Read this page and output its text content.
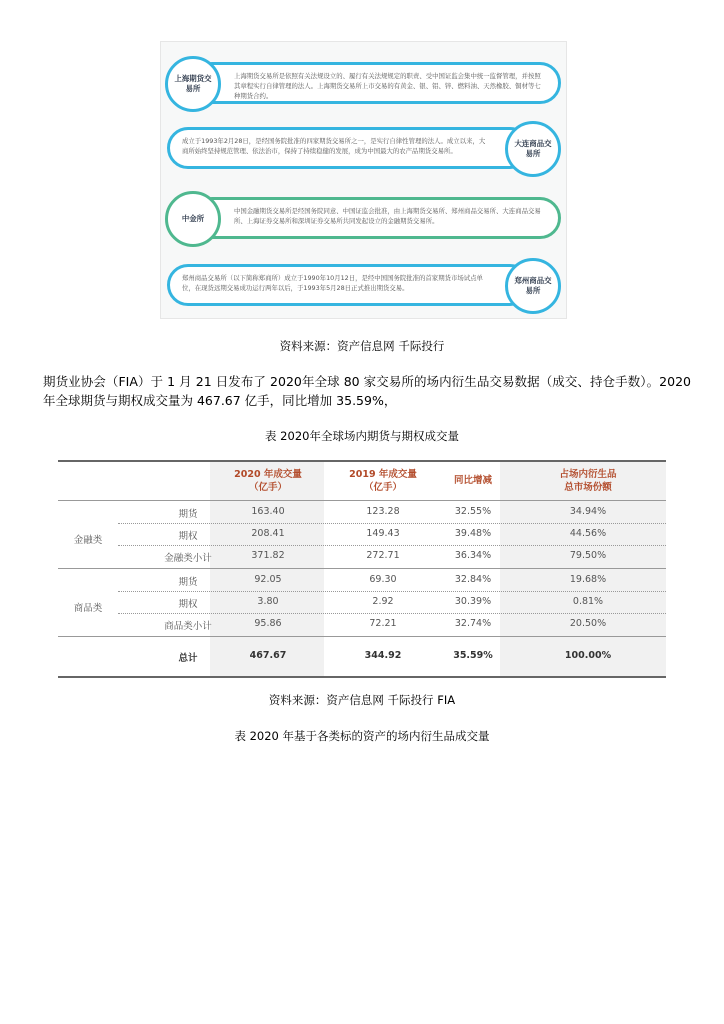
上海期货交易所是依照有关法规设立的、履行有关法规规定的职责、受中国证监会集中统一监督管理，并按照其章程实行自律管理的法人。上海期货交易所上市交易的有黄金、银、铝、锌、燃料油、天然橡胶、铜材等七种期货合约。
上海期货交易所
成立于1993年2月28日，是经国务院批准的四家期货交易所之一，是实行自律性管理的法人。成立以来，大商所始终坚持规范管理、依法治市，保持了持续稳健的发展，成为中国最大的农产品期货交易所。
大连商品交易所
中国金融期货交易所是经国务院同意、中国证监会批准，由上海期货交易所、郑州商品交易所、大连商品交易所、上海证券交易所和深圳证券交易所共同发起设立的金融期货交易所。
中金所
郑州商品交易所（以下简称郑商所）成立于1990年10月12日，是经中国国务院批准的首家期货市场试点单位，在现货远期交易成功运行两年以后，于1993年5月28日正式推出期货交易。
郑州商品交易所
资料来源：资产信息网 千际投行
期货业协会（FIA）于 1 月 21 日发布了 2020年全球 80 家交易所的场内衍生品交易数据（成交、持仓手数）。2020 年全球期货与期权成交量为 467.67 亿手，同比增加 35.59%，
表 2020年全球场内期货与期权成交量
2020 年成交量
（亿手）
2019 年成交量
（亿手）
同比增减
占场内衍生品
总市场份额
金融类
期货	163.40	123.28	32.55%	34.94%
期权	208.41	149.43	39.48%	44.56%
金融类小计	371.82	272.71	36.34%	79.50%
商品类
期货	92.05	69.30	32.84%	19.68%
期权	3.80	2.92	30.39%	0.81%
商品类小计	95.86	72.21	32.74%	20.50%
总计	467.67	344.92	35.59%	100.00%
资料来源：资产信息网 千际投行 FIA
表 2020 年基于各类标的资产的场内衍生品成交量
